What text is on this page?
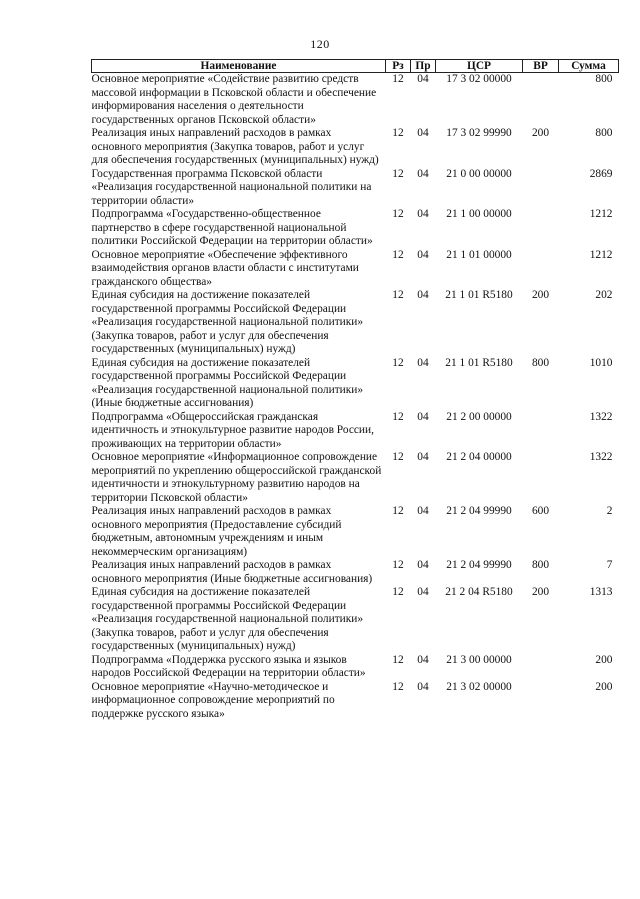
120
Наименование	Рз	Пр	ЦСР	ВР	Сумма
Основное мероприятие «Содействие развитию средств массовой информации в Псковской области и обеспечение информирования населения о деятельности государственных органов Псковской области»	12	04	17 3 02 00000		800
Реализация иных направлений расходов в рамках основного мероприятия (Закупка товаров, работ и услуг для обеспечения государственных (муниципальных) нужд)	12	04	17 3 02 99990	200	800
Государственная программа Псковской области «Реализация государственной национальной политики на территории области»	12	04	21 0 00 00000		2869
Подпрограмма «Государственно-общественное партнерство в сфере государственной национальной политики Российской Федерации на территории области»	12	04	21 1 00 00000		1212
Основное мероприятие «Обеспечение эффективного взаимодействия органов власти области с институтами гражданского общества»	12	04	21 1 01 00000		1212
Единая субсидия на достижение показателей государственной программы Российской Федерации «Реализация государственной национальной политики» (Закупка товаров, работ и услуг для обеспечения государственных (муниципальных) нужд)	12	04	21 1 01 R5180	200	202
Единая субсидия на достижение показателей государственной программы Российской Федерации «Реализация государственной национальной политики» (Иные бюджетные ассигнования)	12	04	21 1 01 R5180	800	1010
Подпрограмма «Общероссийская гражданская идентичность и этнокультурное развитие народов России, проживающих на территории области»	12	04	21 2 00 00000		1322
Основное мероприятие «Информационное сопровождение мероприятий по укреплению общероссийской гражданской идентичности и этнокультурному развитию народов на территории Псковской области»	12	04	21 2 04 00000		1322
Реализация иных направлений расходов в рамках основного мероприятия (Предоставление субсидий бюджетным, автономным учреждениям и иным некоммерческим организациям)	12	04	21 2 04 99990	600	2
Реализация иных направлений расходов в рамках основного мероприятия (Иные бюджетные ассигнования)	12	04	21 2 04 99990	800	7
Единая субсидия на достижение показателей государственной программы Российской Федерации «Реализация государственной национальной политики» (Закупка товаров, работ и услуг для обеспечения государственных (муниципальных) нужд)	12	04	21 2 04 R5180	200	1313
Подпрограмма «Поддержка русского языка и языков народов Российской Федерации на территории области»	12	04	21 3 00 00000		200
Основное мероприятие «Научно-методическое и информационное сопровождение мероприятий по поддержке русского языка»	12	04	21 3 02 00000		200
